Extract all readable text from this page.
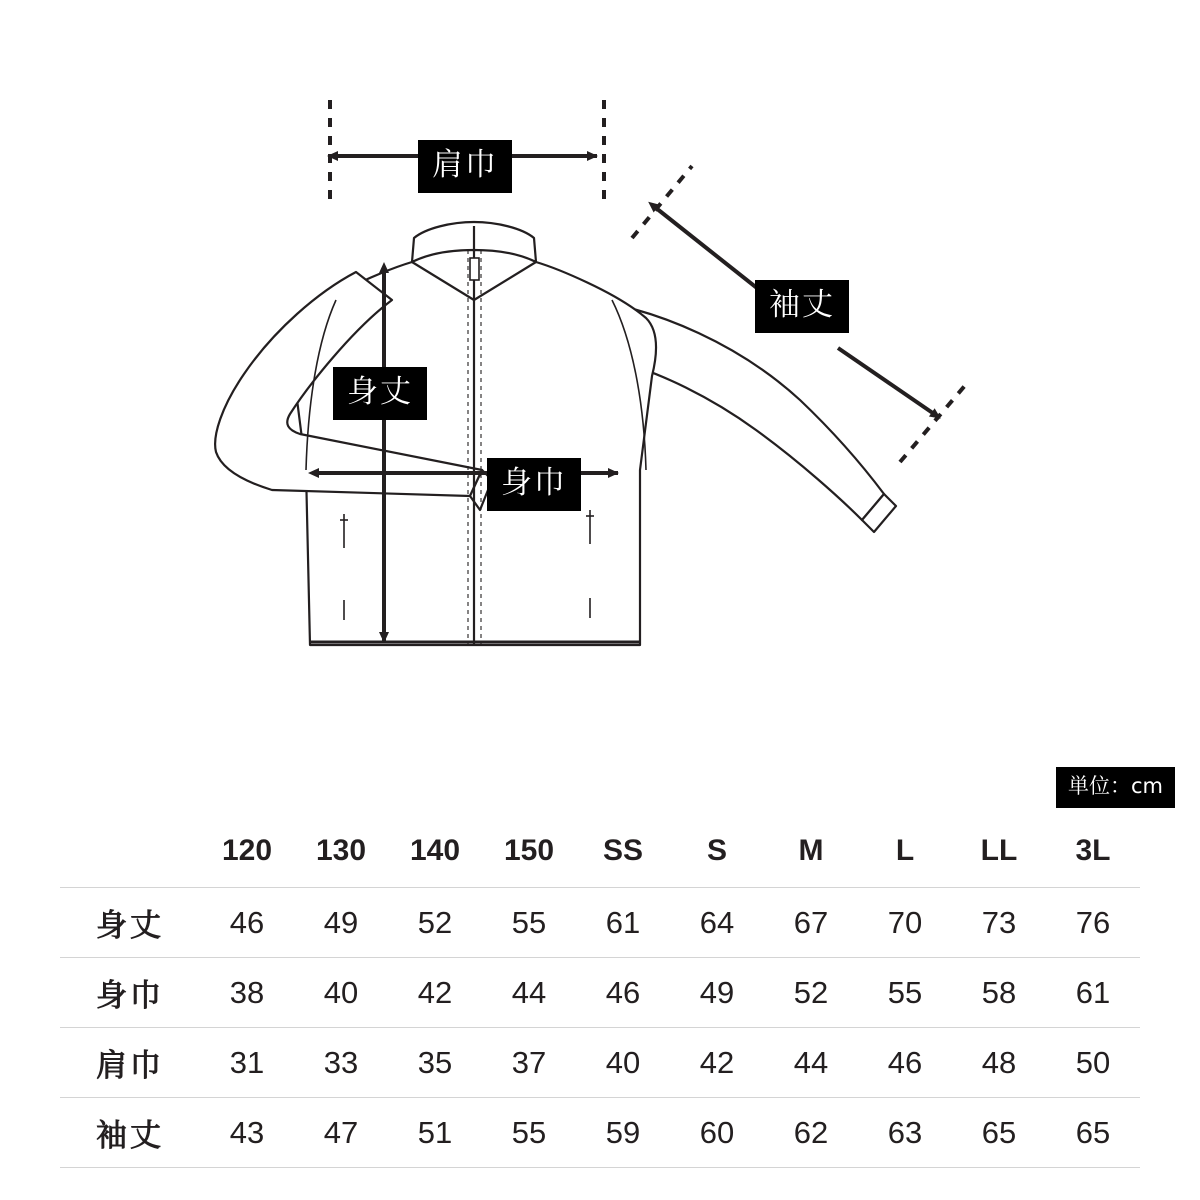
肩巾
袖丈
身丈
身巾
単位：cm
	120	130	140	150	SS	S	M	L	LL	3L
身丈	46	49	52	55	61	64	67	70	73	76
身巾	38	40	42	44	46	49	52	55	58	61
肩巾	31	33	35	37	40	42	44	46	48	50
袖丈	43	47	51	55	59	60	62	63	65	65
